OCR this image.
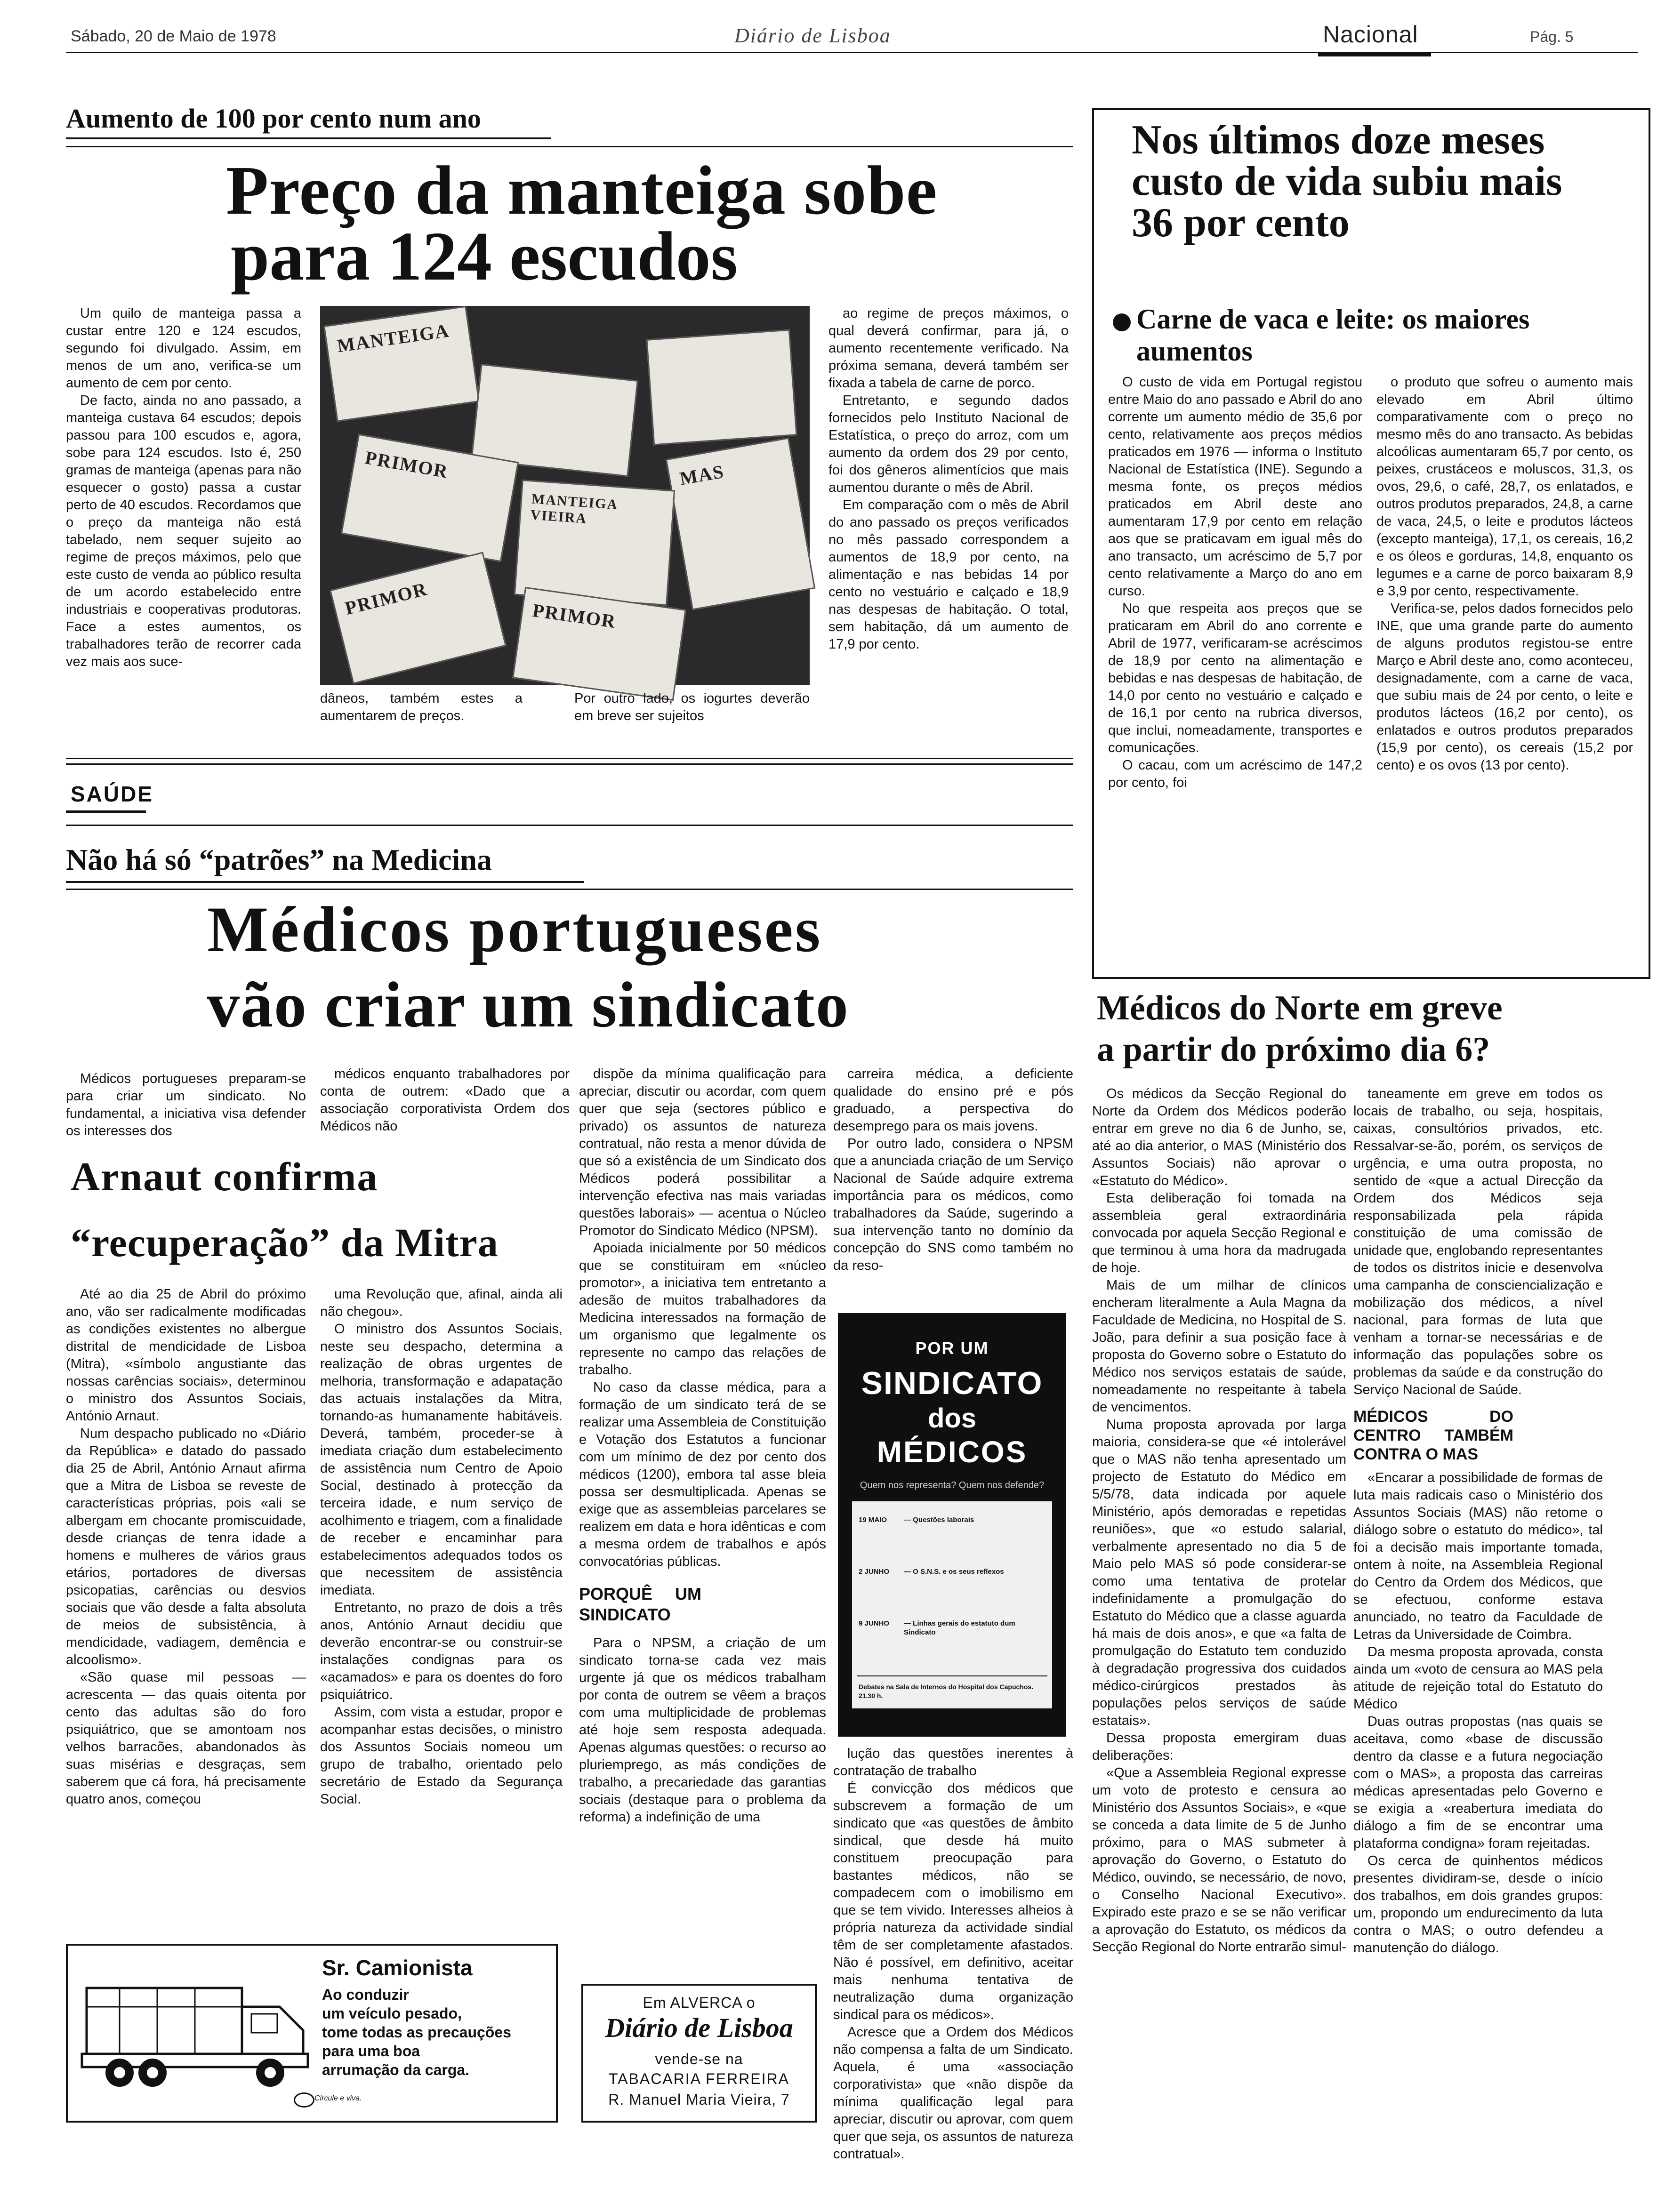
Sábado, 20 de Maio de 1978	Diário de Lisboa	Nacional	Pág. 5
Aumento de 100 por cento num ano
Preço da manteiga sobe
para 124 escudos

Um quilo de manteiga passa a custar entre 120 e 124 escudos, segundo foi divulgado. Assim, em menos de um ano, verifica-se um aumento de cem por cento.

De facto, ainda no ano passado, a manteiga custava 64 escudos; depois passou para 100 escudos e, agora, sobe para 124 escudos. Isto é, 250 gramas de manteiga (apenas para não esquecer o gosto) passa a custar perto de 40 escudos. Recordamos que o preço da manteiga não está tabelado, nem sequer sujeito ao regime de preços máximos, pelo que este custo de venda ao público resulta de um acordo estabelecido entre industriais e cooperativas produtoras. Face a estes aumentos, os trabalhadores terão de recorrer cada vez mais aos suce-

MANTEIGA
PRIMOR	MAS
MANTEIGA VIEIRA
PRIMOR	PRIMOR
dâneos, também estes a aumentarem de preços.
Por outro lado, os iogurtes deverão em breve ser sujeitos

ao regime de preços máximos, o qual deverá confirmar, para já, o aumento recentemente verificado. Na próxima semana, deverá também ser fixada a tabela de carne de porco.

Entretanto, e segundo dados fornecidos pelo Instituto Nacional de Estatística, o preço do arroz, com um aumento da ordem dos 29 por cento, foi dos gêneros alimentícios que mais aumentou durante o mês de Abril.

Em comparação com o mês de Abril do ano passado os preços verificados no mês passado correspondem a aumentos de 18,9 por cento, na alimentação e nas bebidas 14 por cento no vestuário e calçado e 18,9 nas despesas de habitação. O total, sem habitação, dá um aumento de 17,9 por cento.

Nos últimos doze meses custo de vida subiu mais 36 por cento
Carne de vaca e leite: os maiores aumentos

O custo de vida em Portugal registou entre Maio do ano passado e Abril do ano corrente um aumento médio de 35,6 por cento, relativamente aos preços médios praticados em 1976 — informa o Instituto Nacional de Estatística (INE). Segundo a mesma fonte, os preços médios praticados em Abril deste ano aumentaram 17,9 por cento em relação aos que se praticavam em igual mês do ano transacto, um acréscimo de 5,7 por cento relativamente a Março do ano em curso.

No que respeita aos preços que se praticaram em Abril do ano corrente e Abril de 1977, verificaram-se acréscimos de 18,9 por cento na alimentação e bebidas e nas despesas de habitação, de 14,0 por cento no vestuário e calçado e de 16,1 por cento na rubrica diversos, que inclui, nomeadamente, transportes e comunicações.

O cacau, com um acréscimo de 147,2 por cento, foi

o produto que sofreu o aumento mais elevado em Abril último comparativamente com o preço no mesmo mês do ano transacto. As bebidas alcoólicas aumentaram 65,7 por cento, os peixes, crustáceos e moluscos, 31,3, os ovos, 29,6, o café, 28,7, os enlatados, e outros produtos preparados, 24,8, a carne de vaca, 24,5, o leite e produtos lácteos (excepto manteiga), 17,1, os cereais, 16,2 e os óleos e gorduras, 14,8, enquanto os legumes e a carne de porco baixaram 8,9 e 3,9 por cento, respectivamente.

Verifica-se, pelos dados fornecidos pelo INE, que uma grande parte do aumento de alguns produtos registou-se entre Março e Abril deste ano, como aconteceu, designadamente, com a carne de vaca, que subiu mais de 24 por cento, o leite e produtos lácteos (16,2 por cento), os enlatados e outros produtos preparados (15,9 por cento), os cereais (15,2 por cento) e os ovos (13 por cento).

SAÚDE
Não há só “patrões” na Medicina
Médicos portugueses
vão criar um sindicato

Médicos portugueses preparam-se para criar um sindicato. No fundamental, a iniciativa visa defender os interesses dos

médicos enquanto trabalhadores por conta de outrem: «Dado que a associação corporativista Ordem dos Médicos não

dispõe da mínima qualificação para apreciar, discutir ou acordar, com quem quer que seja (sectores público e privado) os assuntos de natureza contratual, não resta a menor dúvida de que só a existência de um Sindicato dos Médicos poderá possibilitar a intervenção efectiva nas mais variadas questões laborais» — acentua o Núcleo Promotor do Sindicato Médico (NPSM).

Apoiada inicialmente por 50 médicos que se constituiram em «núcleo promotor», a iniciativa tem entretanto a adesão de muitos trabalhadores da Medicina interessados na formação de um organismo que legalmente os represente no campo das relações de trabalho.

No caso da classe médica, para a formação de um sindicato terá de se realizar uma Assembleia de Constituição e Votação dos Estatutos a funcionar com um mínimo de dez por cento dos médicos (1200), embora tal asse bleia possa ser desmultiplicada. Apenas se exige que as assembleias parcelares se realizem em data e hora idênticas e com a mesma ordem de trabalhos e após convocatórias públicas.

PORQUÊ UM SINDICATO

Para o NPSM, a criação de um sindicato torna-se cada vez mais urgente já que os médicos trabalham por conta de outrem se vêem a braços com uma multiplicidade de problemas até hoje sem resposta adequada. Apenas algumas questões: o recurso ao pluriemprego, as más condições de trabalho, a precariedade das garantias sociais (destaque para o problema da reforma) a indefinição de uma

carreira médica, a deficiente qualidade do ensino pré e pós graduado, a perspectiva do desemprego para os mais jovens.

Por outro lado, considera o NPSM que a anunciada criação de um Serviço Nacional de Saúde adquire extrema importância para os médicos, como trabalhadores da Saúde, sugerindo a sua intervenção tanto no domínio da concepção do SNS como também no da reso-

POR UM
SINDICATO
dos
MÉDICOS
Quem nos representa? Quem nos defende?
19 MAIO — Questões laborais
2 JUNHO — O S.N.S. e os seus reflexos
9 JUNHO — Linhas gerais do estatuto dum Sindicato
Debates na Sala de Internos do Hospital dos Capuchos. 21.30 h.

lução das questões inerentes à contratação de trabalho

É convicção dos médicos que subscrevem a formação de um sindicato que «as questões de âmbito sindical, que desde há muito constituem preocupação para bastantes médicos, não se compadecem com o imobilismo em que se tem vivido. Interesses alheios à própria natureza da actividade sindial têm de ser completamente afastados. Não é possível, em definitivo, aceitar mais nenhuma tentativa de neutralização duma organização sindical para os médicos».

Acresce que a Ordem dos Médicos não compensa a falta de um Sindicato. Aquela, é uma «associação corporativista» que «não dispõe da mínima qualificação legal para apreciar, discutir ou aprovar, com quem quer que seja, os assuntos de natureza contratual».

Arnaut confirma
“recuperação” da Mitra

Até ao dia 25 de Abril do próximo ano, vão ser radicalmente modificadas as condições existentes no albergue distrital de mendicidade de Lisboa (Mitra), «símbolo angustiante das nossas carências sociais», determinou o ministro dos Assuntos Sociais, António Arnaut.

Num despacho publicado no «Diário da República» e datado do passado dia 25 de Abril, António Arnaut afirma que a Mitra de Lisboa se reveste de características próprias, pois «ali se albergam em chocante promiscuidade, desde crianças de tenra idade a homens e mulheres de vários graus etários, portadores de diversas psicopatias, carências ou desvios sociais que vão desde a falta absoluta de meios de subsistência, à mendicidade, vadiagem, demência e alcoolismo».

«São quase mil pessoas — acrescenta — das quais oitenta por cento das adultas são do foro psiquiátrico, que se amontoam nos velhos barracões, abandonados às suas misérias e desgraças, sem saberem que cá fora, há precisamente quatro anos, começou

uma Revolução que, afinal, ainda ali não chegou».

O ministro dos Assuntos Sociais, neste seu despacho, determina a realização de obras urgentes de melhoria, transformação e adapatação das actuais instalações da Mitra, tornando-as humanamente habitáveis. Deverá, também, proceder-se à imediata criação dum estabelecimento de assistência num Centro de Apoio Social, destinado à protecção da terceira idade, e num serviço de acolhimento e triagem, com a finalidade de receber e encaminhar para estabelecimentos adequados todos os que necessitem de assistência imediata.

Entretanto, no prazo de dois a três anos, António Arnaut decidiu que deverão encontrar-se ou construir-se instalações condignas para os «acamados» e para os doentes do foro psiquiátrico.

Assim, com vista a estudar, propor e acompanhar estas decisões, o ministro dos Assuntos Sociais nomeou um grupo de trabalho, orientado pelo secretário de Estado da Segurança Social.

Circule e viva.
Sr. Camionista
Ao conduzir
um veículo pesado,
tome todas as precauções
para uma boa
arrumação da carga.
Em ALVERCA o
Diário de Lisboa
vende-se na
TABACARIA FERREIRA
R. Manuel Maria Vieira, 7
Médicos do Norte em greve
a partir do próximo dia 6?

Os médicos da Secção Regional do Norte da Ordem dos Médicos poderão entrar em greve no dia 6 de Junho, se, até ao dia anterior, o MAS (Ministério dos Assuntos Sociais) não aprovar o «Estatuto do Médico».

Esta deliberação foi tomada na assembleia geral extraordinária convocada por aquela Secção Regional e que terminou à uma hora da madrugada de hoje.

Mais de um milhar de clínicos encheram literalmente a Aula Magna da Faculdade de Medicina, no Hospital de S. João, para definir a sua posição face à proposta do Governo sobre o Estatuto do Médico nos serviços estatais de saúde, nomeadamente no respeitante à tabela de vencimentos.

Numa proposta aprovada por larga maioria, considera-se que «é intolerável que o MAS não tenha apresentado um projecto de Estatuto do Médico em 5/5/78, data indicada por aquele Ministério, após demoradas e repetidas reuniões», que «o estudo salarial, verbalmente apresentado no dia 5 de Maio pelo MAS só pode considerar-se como uma tentativa de protelar indefinidamente a promulgação do Estatuto do Médico que a classe aguarda há mais de dois anos», e que «a falta de promulgação do Estatuto tem conduzido à degradação progressiva dos cuidados médico-cirúrgicos prestados às populações pelos serviços de saúde estatais».

Dessa proposta emergiram duas deliberações:

«Que a Assembleia Regional expresse um voto de protesto e censura ao Ministério dos Assuntos Sociais», e «que se conceda a data limite de 5 de Junho próximo, para o MAS submeter à aprovação do Governo, o Estatuto do Médico, ouvindo, se necessário, de novo, o Conselho Nacional Executivo». Expirado este prazo e se se não verificar a aprovação do Estatuto, os médicos da Secção Regional do Norte entrarão simul-

taneamente em greve em todos os locais de trabalho, ou seja, hospitais, caixas, consultórios privados, etc. Ressalvar-se-ão, porém, os serviços de urgência, e uma outra proposta, no sentido de «que a actual Direcção da Ordem dos Médicos seja responsabilizada pela rápida constituição de uma comissão de unidade que, englobando representantes de todos os distritos inicie e desenvolva uma campanha de consciencialização e mobilização dos médicos, a nível nacional, para formas de luta que venham a tornar-se necessárias e de informação das populações sobre os problemas da saúde e da construção do Serviço Nacional de Saúde.

MÉDICOS DO CENTRO TAMBÉM CONTRA O MAS

«Encarar a possibilidade de formas de luta mais radicais caso o Ministério dos Assuntos Sociais (MAS) não retome o diálogo sobre o estatuto do médico», tal foi a decisão mais importante tomada, ontem à noite, na Assembleia Regional do Centro da Ordem dos Médicos, que se efectuou, conforme estava anunciado, no teatro da Faculdade de Letras da Universidade de Coimbra.

Da mesma proposta aprovada, consta ainda um «voto de censura ao MAS pela atitude de rejeição total do Estatuto do Médico

Duas outras propostas (nas quais se aceitava, como «base de discussão dentro da classe e a futura negociação com o MAS», a proposta das carreiras médicas apresentadas pelo Governo e se exigia a «reabertura imediata do diálogo a fim de se encontrar uma plataforma condigna» foram rejeitadas.

Os cerca de quinhentos médicos presentes dividiram-se, desde o início dos trabalhos, em dois grandes grupos: um, propondo um endurecimento da luta contra o MAS; o outro defendeu a manutenção do diálogo.
